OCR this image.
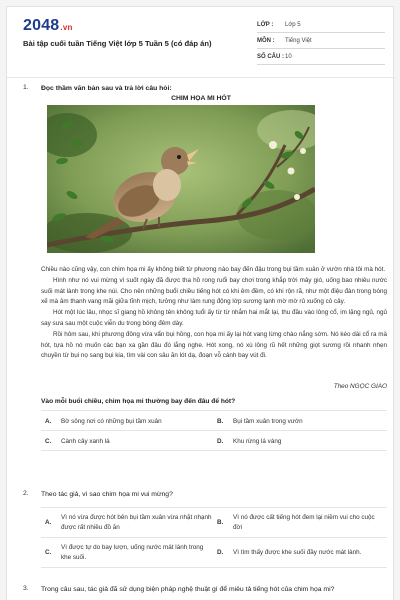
2048.vn
Bài tập cuối tuần Tiếng Việt lớp 5 Tuần 5 (có đáp án)
LỚP :	Lớp 5
MÔN :	Tiếng Việt
SỐ CÂU : 10
1. Đọc thầm văn bản sau và trả lời câu hỏi:
CHIM HỌA MI HÓT

Chiều nào cũng vậy, con chim họa mi ấy không biết từ phương nào bay đến đậu trong bụi tầm xuân ở vườn nhà tôi mà hót.

Hình như nó vui mừng vì suốt ngày đã được tha hồ rong ruổi bay chơi trong khắp trời mây gió, uống bao nhiêu nước suối mát lành trong khe núi. Cho nên những buổi chiều tiếng hót có khi êm đềm, có khi rộn rã, như một điệu đàn trong bóng xế mà âm thanh vang mãi giữa tĩnh mịch, tưởng như làm rung động lớp sương lạnh mờ mờ rủ xuống cỏ cây.

Hót một lúc lâu, nhọc sĩ giang hồ không tên không tuổi ấy từ từ nhắm hai mắt lại, thu đầu vào lông cổ, im lặng ngủ, ngủ say sưa sau một cuộc viễn du trong bóng đêm dày.

Rồi hôm sau, khi phương đông vừa vẩn bụi hồng, con họa mi ấy lại hót vang lừng chào nắng sớm. Nó kéo dài cổ ra mà hót, tựa hồ nó muốn các bạn xa gần đâu đó lắng nghe. Hót xong, nó xù lông rũ hết những giọt sương rồi nhanh nhẹn chuyền từ bụi nọ sang bụi kia, tìm vài con sâu ăn lót dạ, đoạn vỗ cánh bay vút đi.

Theo NGỌC GIAO
Vào mỗi buổi chiều, chim họa mi thường bay đến đâu để hót?
A.	Bờ sông nơi có những bụi tầm xuân	B.	Bụi tầm xuân trong vườn
C.	Cành cây xanh lá	D.	Khu rừng lá vàng
2. Theo tác giả, vì sao chim họa mi vui mừng?
A.
Vì nó vừa được hót bên bụi tầm xuân vừa nhặt nhạnh được rất nhiều đồ ăn
B.
Vì nó được cất tiếng hót đem lại niềm vui cho cuộc đời
C.
Vì được tự do bay lượn, uống nước mát lành trong khe suối.
D.	Vì tìm thấy được khe suối đầy nước mát lành.
3. Trong câu sau, tác giả đã sử dụng biện pháp nghệ thuật gì để miêu tả tiếng hót của chim họa mi?
